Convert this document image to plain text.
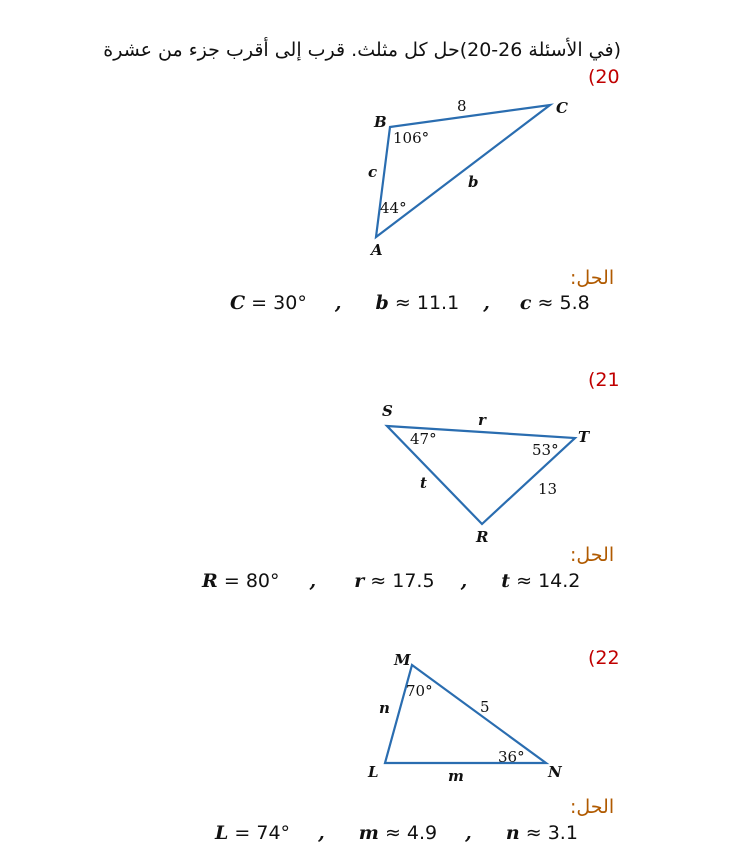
(في الأسئلة 26-20)حل كل مثلث. قرب إلى أقرب جزء من عشرة
20)
B
C
A
8
b
c
106°
44°
الحل:
C = 30° , b ≈ 11.1 , c ≈ 5.8
21)
S
T
R
r
13
t
47°
53°
الحل:
R = 80° , r ≈ 17.5 , t ≈ 14.2
22)
M
L	N
n	5
m
70°
36°
الحل:
L = 74° , m ≈ 4.9 , n ≈ 3.1
